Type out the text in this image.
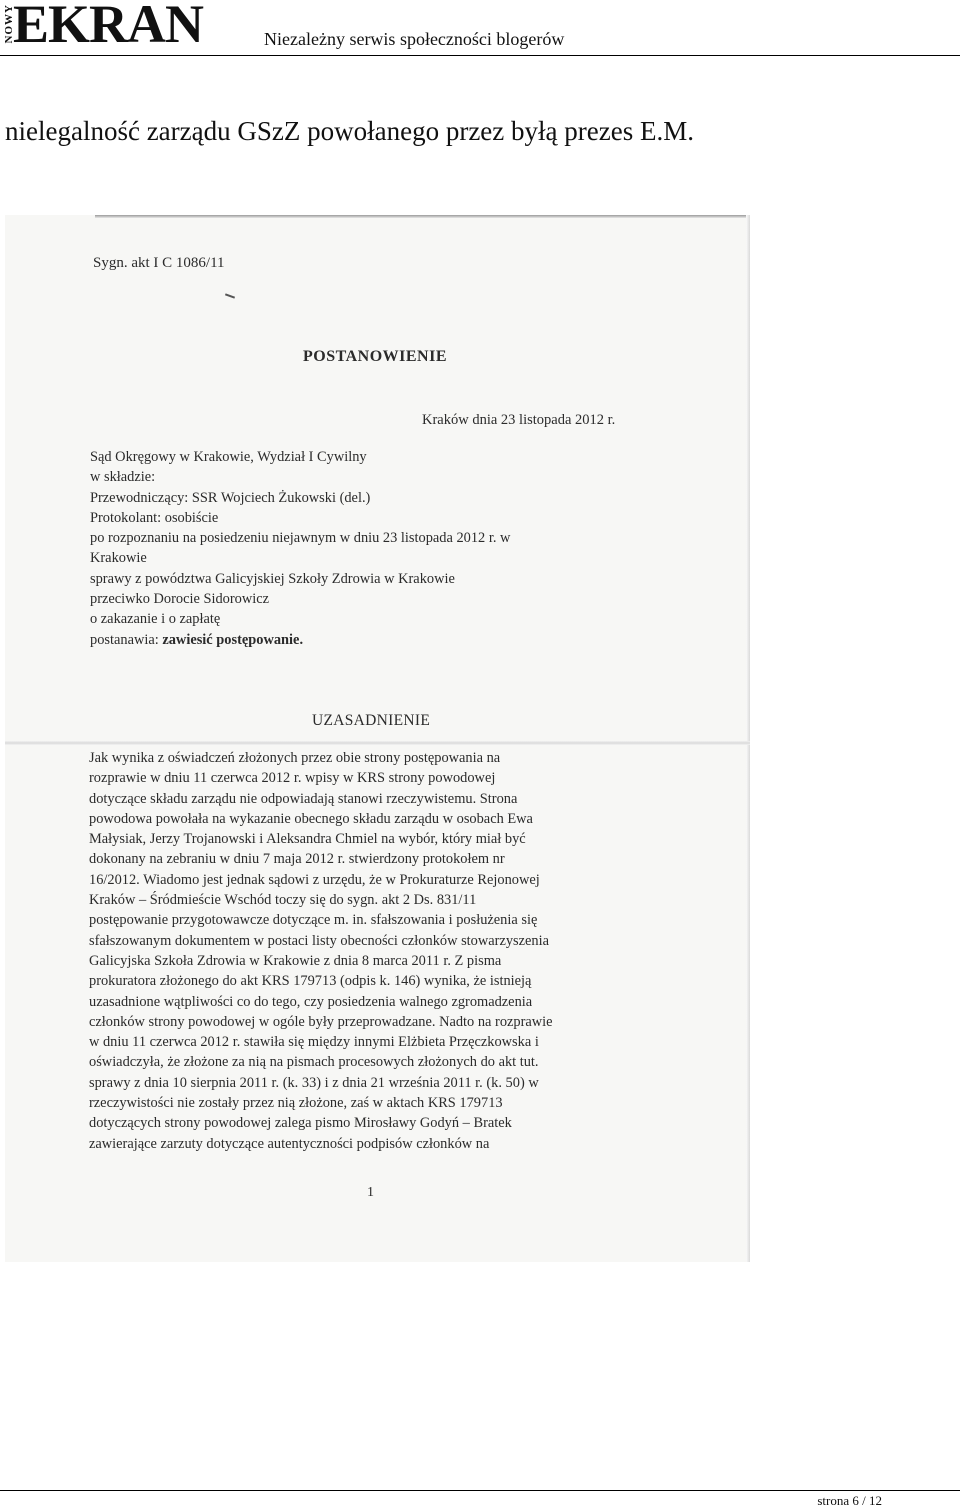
NOWY
EKRAN	Niezależny serwis społeczności blogerów
nielegalność zarządu GSzZ powołanego przez byłą prezes E.M.
Sygn. akt I C 1086/11
POSTANOWIENIE
Kraków dnia 23 listopada 2012 r.
Sąd Okręgowy w Krakowie, Wydział I Cywilny
w składzie:
Przewodniczący: SSR Wojciech Żukowski (del.)
Protokolant: osobiście
po rozpoznaniu na posiedzeniu niejawnym w dniu 23 listopada 2012 r. w
Krakowie
sprawy z powództwa Galicyjskiej Szkoły Zdrowia w Krakowie
przeciwko Dorocie Sidorowicz
o zakazanie i o zapłatę
postanawia: zawiesić postępowanie.
UZASADNIENIE

Jak wynika z oświadczeń złożonych przez obie strony postępowania na

rozprawie w dniu 11 czerwca 2012 r. wpisy w KRS strony powodowej

dotyczące składu zarządu nie odpowiadają stanowi rzeczywistemu. Strona

powodowa powołała na wykazanie obecnego składu zarządu w osobach Ewa

Małysiak, Jerzy Trojanowski i Aleksandra Chmiel na wybór, który miał być

dokonany na zebraniu w dniu 7 maja 2012 r. stwierdzony protokołem nr

16/2012. Wiadomo jest jednak sądowi z urzędu, że w Prokuraturze Rejonowej

Kraków – Śródmieście Wschód toczy się do sygn. akt 2 Ds. 831/11

postępowanie przygotowawcze dotyczące m. in. sfałszowania i posłużenia się

sfałszowanym dokumentem w postaci listy obecności członków stowarzyszenia

Galicyjska Szkoła Zdrowia w Krakowie z dnia 8 marca 2011 r. Z pisma

prokuratora złożonego do akt KRS 179713 (odpis k. 146) wynika, że istnieją

uzasadnione wątpliwości co do tego, czy posiedzenia walnego zgromadzenia

członków strony powodowej w ogóle były przeprowadzane. Nadto na rozprawie

w dniu 11 czerwca 2012 r. stawiła się między innymi Elżbieta Przęczkowska i

oświadczyła, że złożone za nią na pismach procesowych złożonych do akt tut.

sprawy z dnia 10 sierpnia 2011 r. (k. 33) i z dnia 21 września 2011 r. (k. 50) w

rzeczywistości nie zostały przez nią złożone, zaś w aktach KRS 179713

dotyczących strony powodowej zalega pismo Mirosławy Godyń – Bratek

zawierające zarzuty dotyczące autentyczności podpisów członków na

1
strona 6 / 12
